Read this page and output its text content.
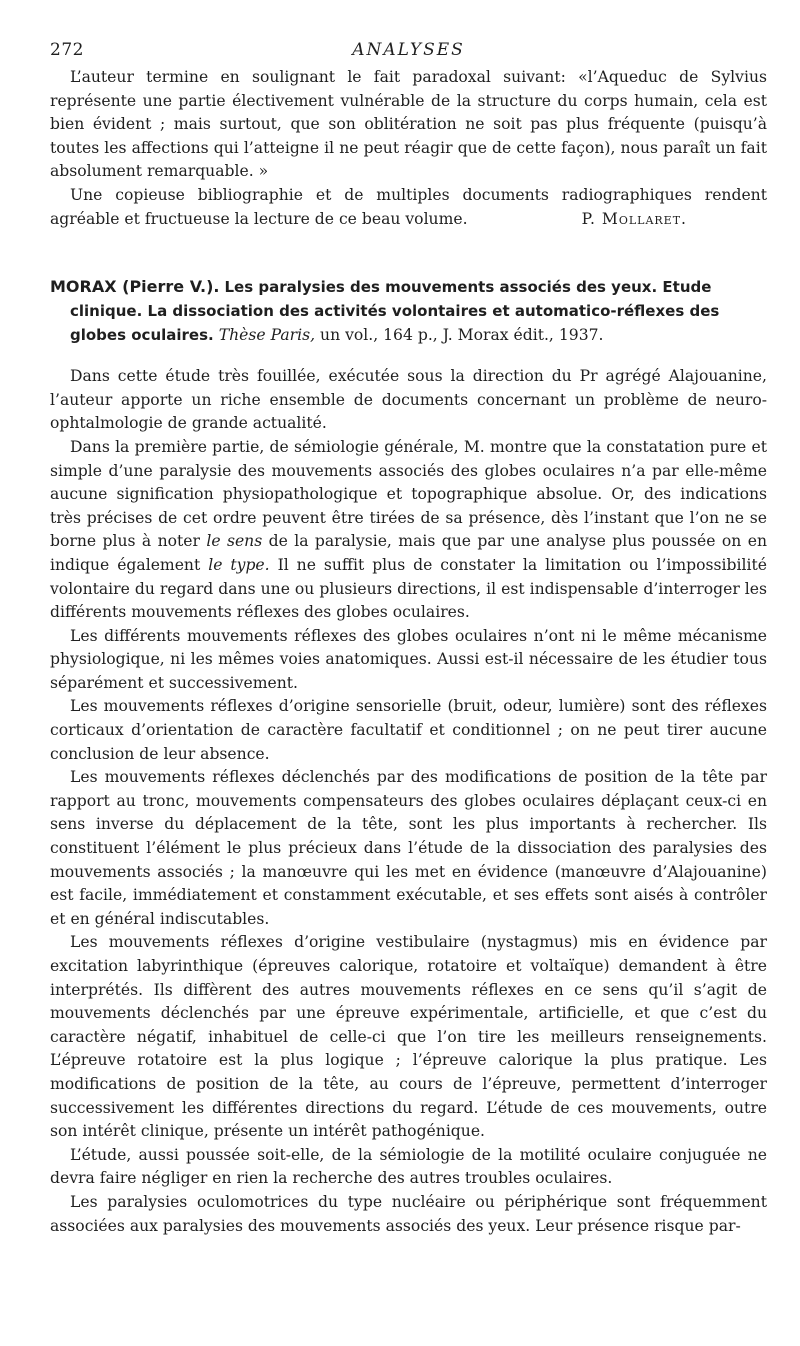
272	ANALYSES

L’auteur termine en soulignant le fait paradoxal suivant: «l’Aqueduc de Sylvius représente une partie électivement vulnérable de la structure du corps humain, cela est bien évident ; mais surtout, que son oblitération ne soit pas plus fréquente (puisqu’à toutes les affections qui l’atteigne il ne peut réagir que de cette façon), nous paraît un fait absolument remarquable. »

Une copieuse bibliographie et de multiples documents radiographiques rendent agréable et fructueuse la lecture de ce beau volume.	P. Mollaret.

MORAX (Pierre V.). Les paralysies des mouvements associés des yeux. Etude clinique. La dissociation des activités volontaires et automatico-réflexes des globes oculaires. Thèse Paris, un vol., 164 p., J. Morax édit., 1937.

Dans cette étude très fouillée, exécutée sous la direction du Pr agrégé Alajouanine, l’auteur apporte un riche ensemble de documents concernant un problème de neuro-ophtalmologie de grande actualité.

Dans la première partie, de sémiologie générale, M. montre que la constatation pure et simple d’une paralysie des mouvements associés des globes oculaires n’a par elle-même aucune signification physiopathologique et topographique absolue. Or, des indications très précises de cet ordre peuvent être tirées de sa présence, dès l’instant que l’on ne se borne plus à noter le sens de la paralysie, mais que par une analyse plus poussée on en indique également le type. Il ne suffit plus de constater la limitation ou l’impossibilité volontaire du regard dans une ou plusieurs directions, il est indispensable d’interroger les différents mouvements réflexes des globes oculaires.

Les différents mouvements réflexes des globes oculaires n’ont ni le même mécanisme physiologique, ni les mêmes voies anatomiques. Aussi est-il nécessaire de les étudier tous séparément et successivement.

Les mouvements réflexes d’origine sensorielle (bruit, odeur, lumière) sont des réflexes corticaux d’orientation de caractère facultatif et conditionnel ; on ne peut tirer aucune conclusion de leur absence.

Les mouvements réflexes déclenchés par des modifications de position de la tête par rapport au tronc, mouvements compensateurs des globes oculaires déplaçant ceux-ci en sens inverse du déplacement de la tête, sont les plus importants à rechercher. Ils constituent l’élément le plus précieux dans l’étude de la dissociation des paralysies des mouvements associés ; la manœuvre qui les met en évidence (manœuvre d’Alajouanine) est facile, immédiatement et constamment exécutable, et ses effets sont aisés à contrôler et en général indiscutables.

Les mouvements réflexes d’origine vestibulaire (nystagmus) mis en évidence par excitation labyrinthique (épreuves calorique, rotatoire et voltaïque) demandent à être interprétés. Ils diffèrent des autres mouvements réflexes en ce sens qu’il s’agit de mouvements déclenchés par une épreuve expérimentale, artificielle, et que c’est du caractère négatif, inhabituel de celle-ci que l’on tire les meilleurs renseignements. L’épreuve rotatoire est la plus logique ; l’épreuve calorique la plus pratique. Les modifications de position de la tête, au cours de l’épreuve, permettent d’interroger successivement les différentes directions du regard. L’étude de ces mouvements, outre son intérêt clinique, présente un intérêt pathogénique.

L’étude, aussi poussée soit-elle, de la sémiologie de la motilité oculaire conjuguée ne devra faire négliger en rien la recherche des autres troubles oculaires.

Les paralysies oculomotrices du type nucléaire ou périphérique sont fréquemment associées aux paralysies des mouvements associés des yeux. Leur présence risque par-
